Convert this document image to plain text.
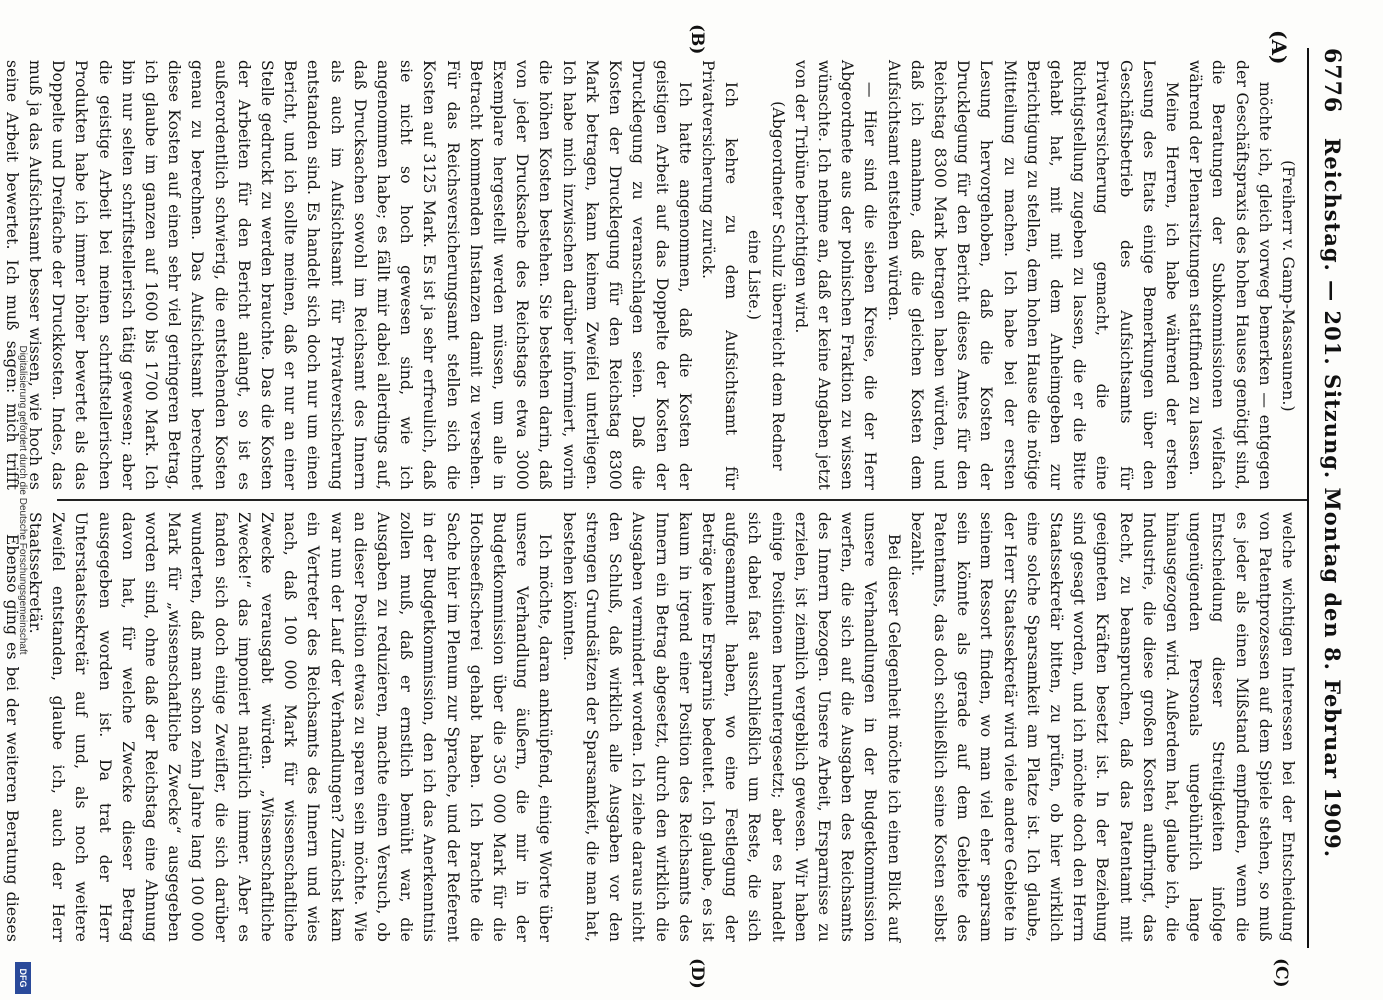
6776
Reichstag. — 201. Sitzung. Montag den 8. Februar 1909.
(A)
(B)
(C)
(D)

(Freiherr v. Gamp-Massaunen.)

möchte ich, gleich vorweg bemerken — entgegen der Geschäftspraxis des hohen Hauses genötigt sind, die Beratungen der Subkommissionen vielfach während der Plenarsitzungen stattfinden zu lassen.

Meine Herren, ich habe während der ersten Lesung des Etats einige Bemerkungen über den Geschäftsbetrieb des Aufsichtsamts für Privatversicherung gemacht, die eine Richtigstellung zugeben zu lassen, die er die Bitte gehabt hat, mit mit dem Anheimgeben zur Berichtigung zu stellen, dem hohen Hause die nötige Mitteilung zu machen. Ich habe bei der ersten Lesung hervorgehoben, daß die Kosten der Drucklegung für den Bericht dieses Amtes für den Reichstag 8300 Mark betragen haben würden, und daß ich annahme, daß die gleichen Kosten dem Aufsichtsamt entstehen würden.

— Hier sind die sieben Kreise, die der Herr Abgeordnete aus der polnischen Fraktion zu wissen wünschte. Ich nehme an, daß er keine Angaben jetzt von der Tribüne berichtigen wird.

(Abgeordneter Schulz überreicht dem Redner eine Liste.)

Ich kehre zu dem Aufsichtsamt für Privatversicherung zurück.

Ich hatte angenommen, daß die Kosten der geistigen Arbeit auf das Doppelte der Kosten der Drucklegung zu veranschlagen seien. Daß die Kosten der Drucklegung für den Reichstag 8300 Mark betragen, kann keinem Zweifel unterliegen. Ich habe mich inzwischen darüber informiert, worin die höhen Kosten bestehen. Sie bestehen darin, daß von jeder Drucksache des Reichstags etwa 3000 Exemplare hergestellt werden müssen, um alle in Betracht kommenden Instanzen damit zu versehen. Für das Reichsversicherungsamt stellen sich die Kosten auf 3125 Mark. Es ist ja sehr erfreulich, daß sie nicht so hoch gewesen sind, wie ich angenommen habe; es fällt mir dabei allerdings auf, daß Drucksachen sowohl im Reichsamt des Innern als auch im Aufsichtsamt für Privatversicherung entstanden sind. Es handelt sich doch nur um einen Bericht, und ich sollte meinen, daß er nur an einer Stelle gedruckt zu werden brauchte. Das die Kosten der Arbeiten für den Bericht anlangt, so ist es außerordentlich schwierig, die entstehenden Kosten genau zu berechnen. Das Aufsichtsamt berechnet diese Kosten auf einen sehr viel geringeren Betrag, ich glaube im ganzen auf 1600 bis 1700 Mark. Ich bin nur selten schriftstellerisch tätig gewesen; aber die geistige Arbeit bei meinen schriftstellerischen Produkten habe ich immer höher bewertet als das Doppelte und Dreifache der Druckkosten. Indes, das muß ja das Aufsichtsamt besser wissen, wie hoch es seine Arbeit bewertet. Ich muß sagen: mich trifft

welche wichtigen Interessen bei der Entscheidung von Patentprozessen auf dem Spiele stehen, so muß es jeder als einen Mißstand empfinden, wenn die Entscheidung dieser Streitigkeiten infolge ungenügenden Personals ungebührlich lange hinausgezogen wird. Außerdem hat, glaube ich, die Industrie, die diese großen Kosten aufbringt, das Recht, zu beanspruchen, daß das Patentamt mit geeigneten Kräften besetzt ist. In der Beziehung sind gesagt worden, und ich möchte doch den Herrn Staatssekretär bitten, zu prüfen, ob hier wirklich eine solche Sparsamkeit am Platze ist. Ich glaube, der Herr Staatssekretär wird viele andere Gebiete in seinem Ressort finden, wo man viel eher sparsam sein könnte als gerade auf dem Gebiete des Patentamts, das doch schließlich seine Kosten selbst bezahlt.

Bei dieser Gelegenheit möchte ich einen Blick auf unsere Verhandlungen in der Budgetkommission werfen, die sich auf die Ausgaben des Reichsamts des Innern bezogen. Unsere Arbeit, Ersparnisse zu erzielen, ist ziemlich vergeblich gewesen. Wir haben einige Positionen heruntergesetzt; aber es handelt sich dabei fast ausschließlich um Reste, die sich aufgesammelt haben, wo eine Festlegung der Beträge keine Ersparnis bedeutet. Ich glaube, es ist kaum in irgend einer Position des Reichsamts des Innern ein Betrag abgesetzt, durch den wirklich die Ausgaben vermindert worden. Ich ziehe daraus nicht den Schluß, daß wirklich alle Ausgaben vor den strengen Grundsätzen der Sparsamkeit, die man hat, bestehen könnten.

Ich möchte, daran anknüpfend, einige Worte über unsere Verhandlung äußern, die mir in der Budgetkommission über die 350 000 Mark für die Hochseefischerei gehabt haben. Ich brachte die Sache hier im Plenum zur Sprache, und der Referent in der Budgetkommission, den ich das Anerkenntnis zollen muß, daß er ernstlich bemüht war, die Ausgaben zu reduzieren, machte einen Versuch, ob an dieser Position etwas zu sparen sein möchte. Wie war nun der Lauf der Verhandlungen? Zunächst kam ein Vertreter des Reichsamts des Innern und wies nach, daß 100 000 Mark für wissenschaftliche Zwecke verausgabt würden. „Wissenschaftliche Zwecke!“ das imponiert natürlich immer. Aber es fanden sich doch einige Zweifler, die sich darüber wunderten, daß man schon zehn Jahre lang 100 000 Mark für „wissenschaftliche Zwecke“ ausgegeben worden sind, ohne daß der Reichstag eine Ahnung davon hat, für welche Zwecke dieser Betrag ausgegeben worden ist. Da trat der Herr Unterstaatssekretär auf und, als noch weitere Zweifel entstanden, glaube ich, auch der Herr Staatssekretär.

Ebenso ging es bei der weiteren Beratung dieses

Digitalisierung gefördert durch die Deutsche Forschungsgemeinschaft
DFG
